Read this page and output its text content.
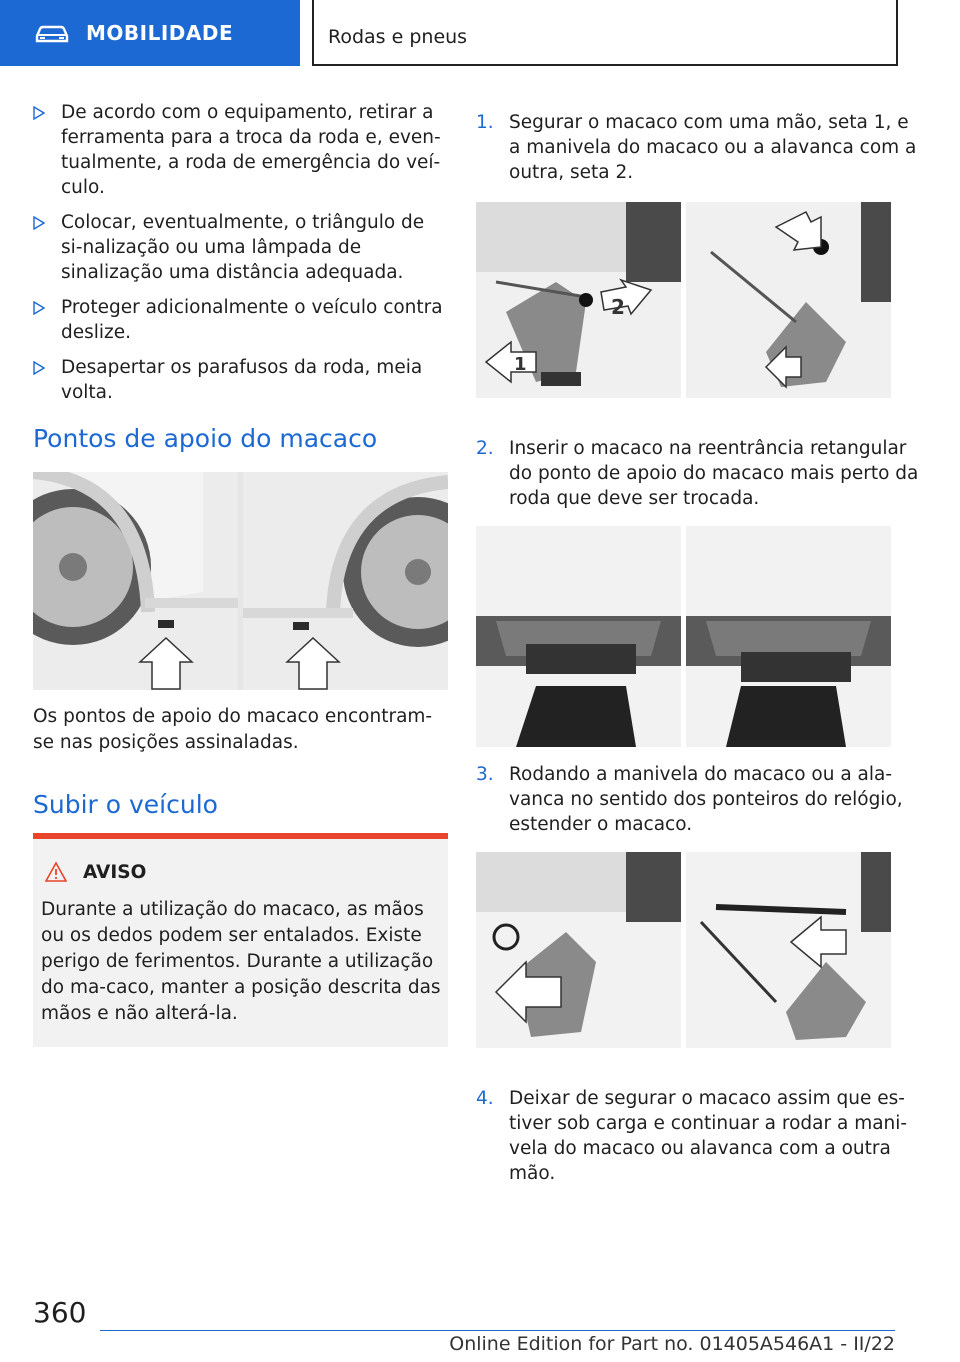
MOBILIDADE	Rodas e pneus
De acordo com o equipamento, retirar a ferramenta para a troca da roda e, even-tualmente, a roda de emergência do veí-culo.
Colocar, eventualmente, o triângulo de si-nalização ou uma lâmpada de sinalização uma distância adequada.
Proteger adicionalmente o veículo contra deslize.
Desapertar os parafusos da roda, meia volta.
Pontos de apoio do macaco
Os pontos de apoio do macaco encontram-se nas posições assinaladas.
Subir o veículo
AVISO
Durante a utilização do macaco, as mãos ou os dedos podem ser entalados. Existe perigo de ferimentos. Durante a utilização do ma-caco, manter a posição descrita das mãos e não alterá-la.
1. Segurar o macaco com uma mão, seta 1, e a manivela do macaco ou a alavanca com a outra, seta 2.
2
1
2. Inserir o macaco na reentrância retangular do ponto de apoio do macaco mais perto da roda que deve ser trocada.
3. Rodando a manivela do macaco ou a ala-vanca no sentido dos ponteiros do relógio, estender o macaco.
4. Deixar de segurar o macaco assim que es-tiver sob carga e continuar a rodar a mani-vela do macaco ou alavanca com a outra mão.
360
Online Edition for Part no. 01405A546A1 - II/22
